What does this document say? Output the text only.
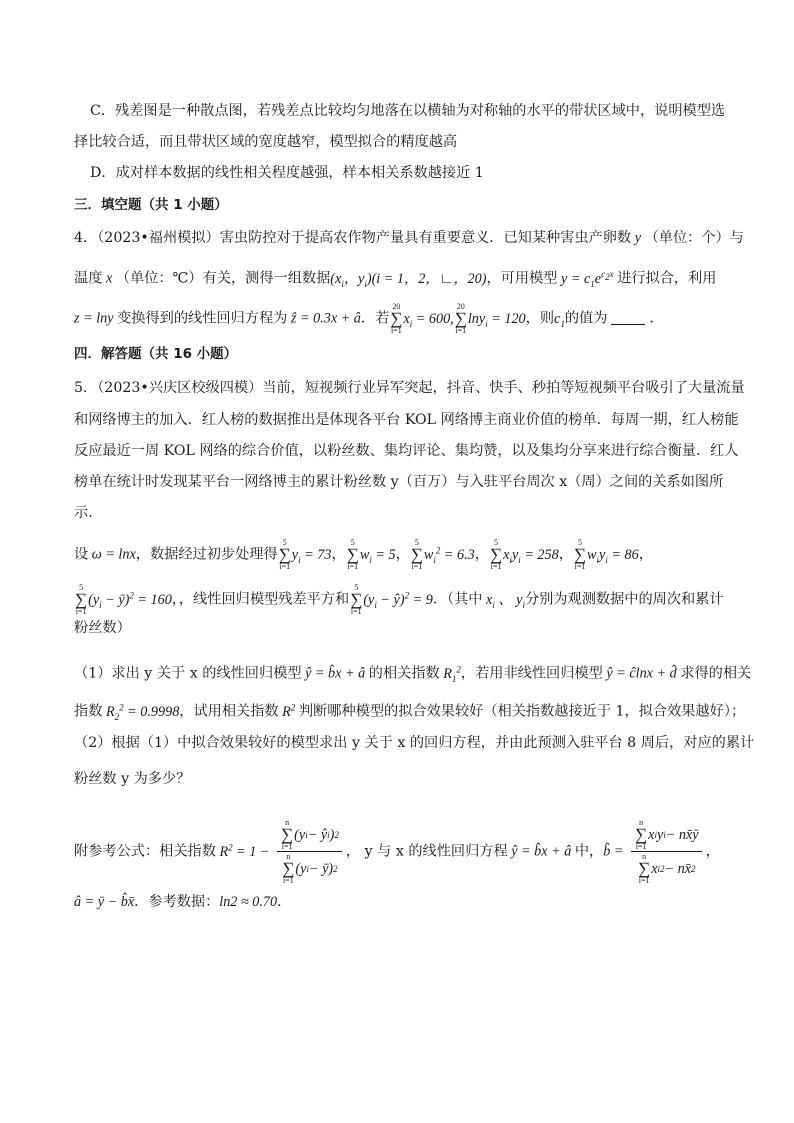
C．残差图是一种散点图，若残差点比较均匀地落在以横轴为对称轴的水平的带状区域中，说明模型选
择比较合适，而且带状区域的宽度越窄，模型拟合的精度越高
D．成对样本数据的线性相关程度越强，样本相关系数越接近 1
三．填空题（共 1 小题）
4．（2023•福州模拟）害虫防控对于提高农作物产量具有重要意义．已知某种害虫产卵数 y （单位：个）与
温度 x （单位：℃）有关，测得一组数据($x_i$，$y_i)(i = 1$，2，∟，20)，可用模型 $y = c_1e^{c_2x}$ 进行拟合，利用
z = lny 变换得到的线性回归方程为 ẑ = 0.3x + â．若
20
∑
i=1
$x_i = 600$,
20
∑
i=1
lny$_i$ = 120，则$c_1$的值为	．
四．解答题（共 16 小题）
5．（2023•兴庆区校级四模）当前，短视频行业异军突起，抖音、快手、秒拍等短视频平台吸引了大量流量
和网络博主的加入．红人榜的数据推出是体现各平台 KOL 网络博主商业价值的榜单．每周一期，红人榜能
反应最近一周 KOL 网络的综合价值，以粉丝数、集均评论、集均赞，以及集均分享来进行综合衡量．红人
榜单在统计时发现某平台一网络博主的累计粉丝数 y（百万）与入驻平台周次 x（周）之间的关系如图所
示．
设 ω = lnx，数据经过初步处理得
5
∑
i=1
$y_i = 73$，
5
∑
i=1
$w_i = 5$，
5
∑
i=1
$w_i^2 = 6.3$，
5
∑
i=1
$x_iy_i = 258$，
5
∑
i=1
$w_iy_i = 86$，
5
∑
i=1
($y_i$ − ȳ)$^2$ = 160，，线性回归模型残差平方和
5
∑
i=1
($y_i$ − ŷ)$^2$ = 9．（其中 $x_i$ 、 $y_i$分别为观测数据中的周次和累计
粉丝数）
（1）求出 y 关于 x 的线性回归模型 ŷ = b̂x + â 的相关指数 $R_1^2$，若用非线性回归模型 ŷ = ĉlnx + d̂ 求得的相关
指数 $R_2^2 = 0.9998$，试用相关指数 $R^2$ 判断哪种模型的拟合效果较好（相关指数越接近于 1，拟合效果越好）；
（2）根据（1）中拟合效果较好的模型求出 y 关于 x 的回归方程，并由此预测入驻平台 8 周后，对应的累计
粉丝数 y 为多少？
附参考公式：相关指数 $R^2 = 1 - n$
∑
i=1
(y i − ŷ i ) 2
n
∑
i=1
(y i − ȳ) 2 ， y 与 x 的线性回归方程 ŷ = b̂x + â 中，b̂ = n
∑
i=1
x i y i − nx̄ȳ
n
∑
i=1
x i 2 − nx̄ 2 ，
â = ȳ − b̂x̄．参考数据：ln2 ≈ 0.70．
